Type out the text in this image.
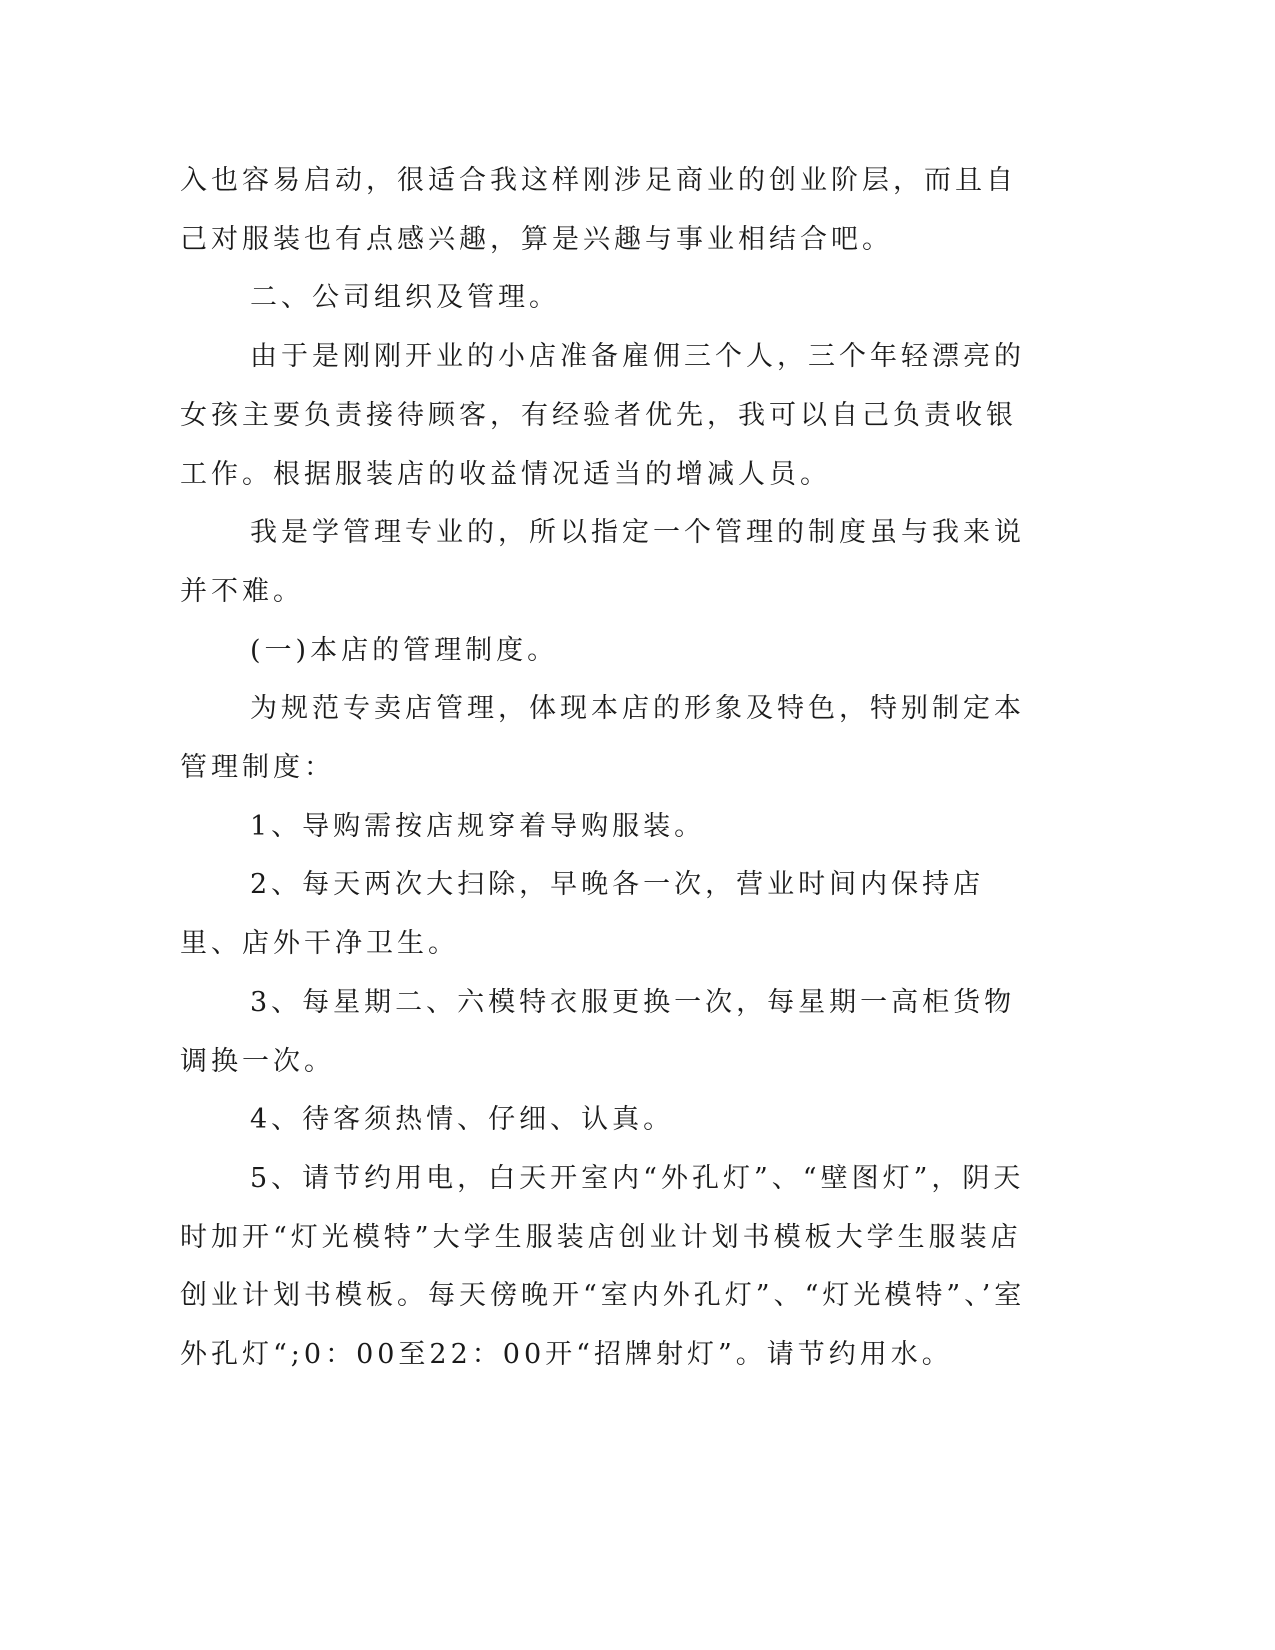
入也容易启动，很适合我这样刚涉足商业的创业阶层，而且自己对服装也有点感兴趣，算是兴趣与事业相结合吧。

二、公司组织及管理。

由于是刚刚开业的小店准备雇佣三个人，三个年轻漂亮的女孩主要负责接待顾客，有经验者优先，我可以自己负责收银工作。根据服装店的收益情况适当的增减人员。

我是学管理专业的，所以指定一个管理的制度虽与我来说并不难。

(一)本店的管理制度。

为规范专卖店管理，体现本店的形象及特色，特别制定本管理制度：

1、导购需按店规穿着导购服装。

2、每天两次大扫除，早晚各一次，营业时间内保持店里、店外干净卫生。

3、每星期二、六模特衣服更换一次，每星期一高柜货物调换一次。

4、待客须热情、仔细、认真。

5、请节约用电，白天开室内“外孔灯”、“壁图灯”，阴天时加开“灯光模特”大学生服装店创业计划书模板大学生服装店创业计划书模板。每天傍晚开“室内外孔灯”、“灯光模特”、’室外孔灯“;0：00至22：00开“招牌射灯”。请节约用水。
